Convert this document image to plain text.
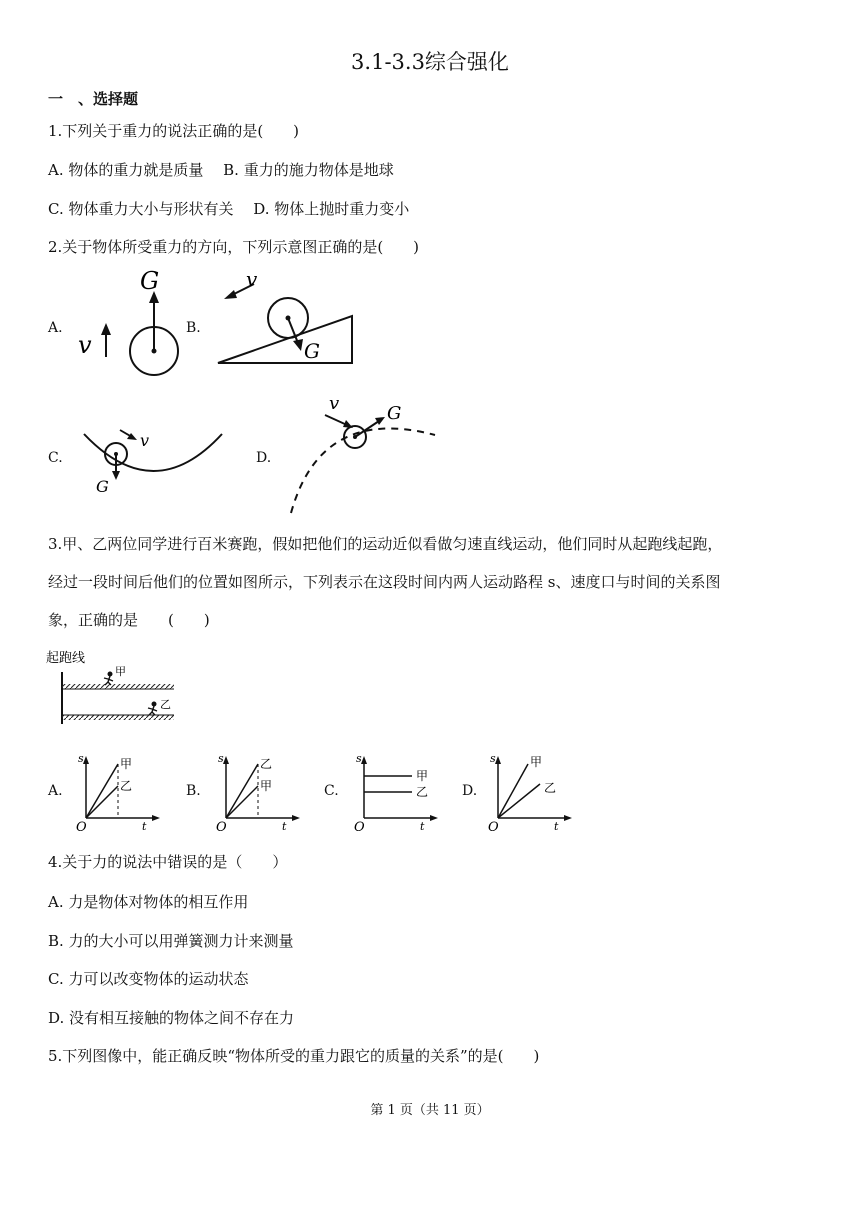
3.1-3.3综合强化
一　、选择题
1.下列关于重力的说法正确的是(　　)
A. 物体的重力就是质量　 B. 重力的施力物体是地球
C. 物体重力大小与形状有关　 D. 物体上抛时重力变小
2.关于物体所受重力的方向，下列示意图正确的是(　　)
A.
G
v
B.
G
v
C.
G
v
D.
G
v
3.甲、乙两位同学进行百米赛跑，假如把他们的运动近似看做匀速直线运动，他们同时从起跑线起跑，
经过一段时间后他们的位置如图所示，下列表示在这段时间内两人运动路程 s、速度口与时间的关系图
象，正确的是　　(　　)
起跑线
甲
乙
A.
s	甲
乙
O	t
B.
s	乙
甲
O	t
C.
s
甲
乙
O	t
D.
s	甲
乙
O	t
4.关于力的说法中错误的是（　　）
A. 力是物体对物体的相互作用
B. 力的大小可以用弹簧测力计来测量
C. 力可以改变物体的运动状态
D. 没有相互接触的物体之间不存在力
5.下列图像中，能正确反映“物体所受的重力跟它的质量的关系”的是(　　)
第 1 页（共 11 页）
